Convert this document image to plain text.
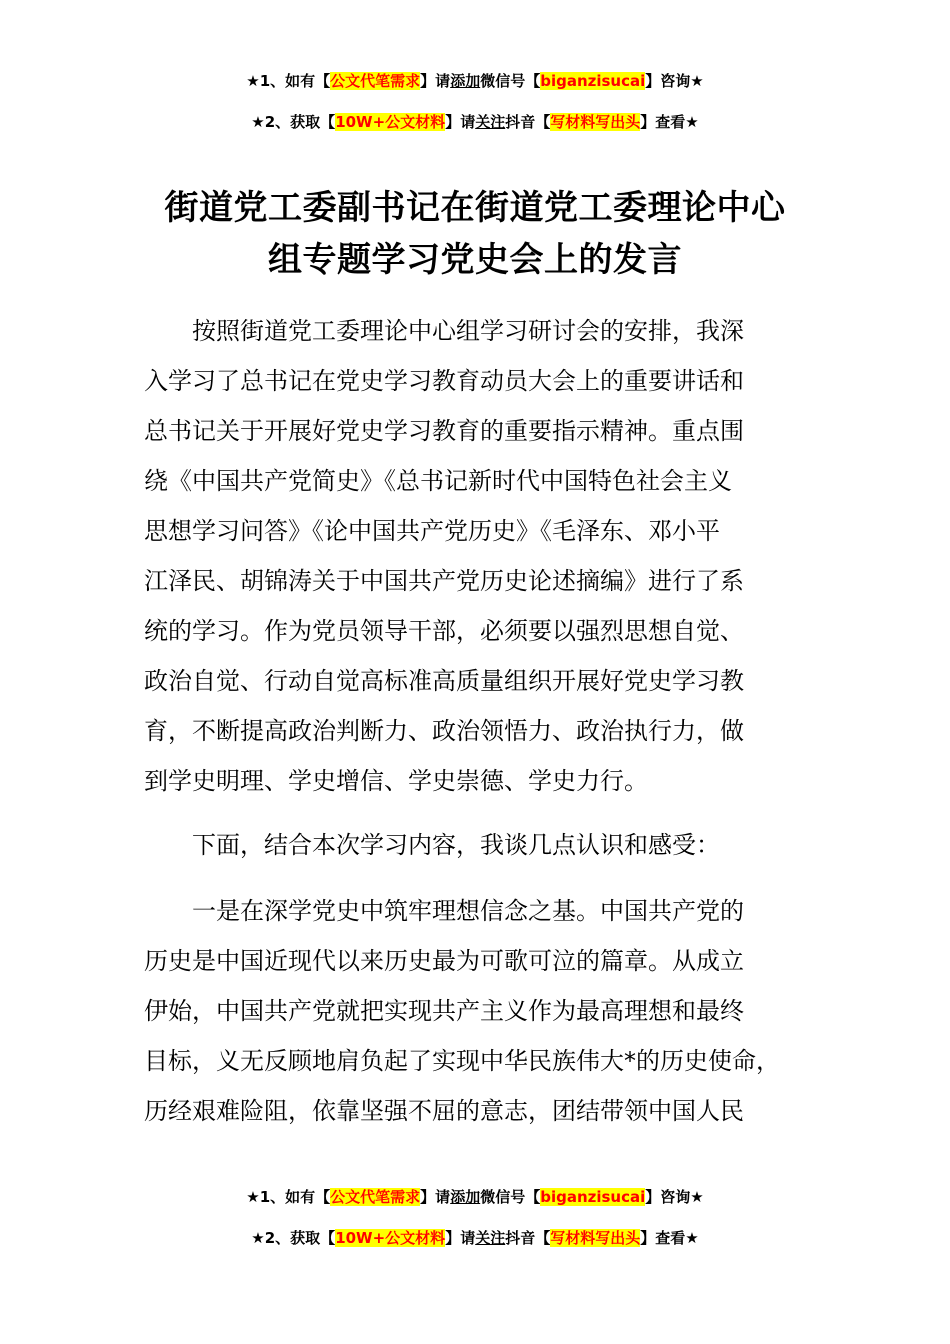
★1、如有【公文代笔需求】请添加微信号【biganzisucai】咨询★
★2、获取【10W+公文材料】请关注抖音【写材料写出头】查看★
街道党工委副书记在街道党工委理论中心
组专题学习党史会上的发言
按照街道党工委理论中心组学习研讨会的安排，我深
入学习了总书记在党史学习教育动员大会上的重要讲话和
总书记关于开展好党史学习教育的重要指示精神。重点围
绕《中国共产党简史》《总书记新时代中国特色社会主义
思想学习问答》《论中国共产党历史》《毛泽东、邓小平
江泽民、胡锦涛关于中国共产党历史论述摘编》进行了系
统的学习。作为党员领导干部，必须要以强烈思想自觉、
政治自觉、行动自觉高标准高质量组织开展好党史学习教
育，不断提高政治判断力、政治领悟力、政治执行力，做
到学史明理、学史增信、学史崇德、学史力行。
下面，结合本次学习内容，我谈几点认识和感受：
一是在深学党史中筑牢理想信念之基。中国共产党的
历史是中国近现代以来历史最为可歌可泣的篇章。从成立
伊始，中国共产党就把实现共产主义作为最高理想和最终
目标，义无反顾地肩负起了实现中华民族伟大*的历史使命，
历经艰难险阻，依靠坚强不屈的意志，团结带领中国人民
★1、如有【公文代笔需求】请添加微信号【biganzisucai】咨询★
★2、获取【10W+公文材料】请关注抖音【写材料写出头】查看★
